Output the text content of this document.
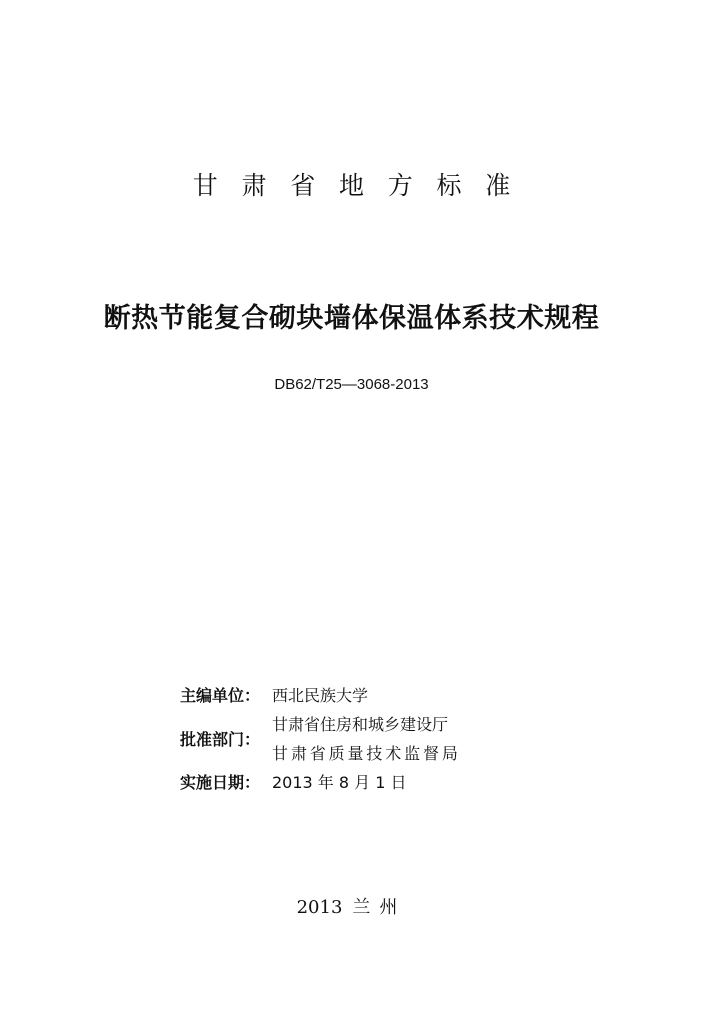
甘肃省地方标准
断热节能复合砌块墙体保温体系技术规程
DB62/T25—3068-2013
主编单位： 西北民族大学
批准部门：
甘肃省住房和城乡建设厅
甘肃省质量技术监督局
实施日期： 2013 年 8 月 1 日
2013 兰州
